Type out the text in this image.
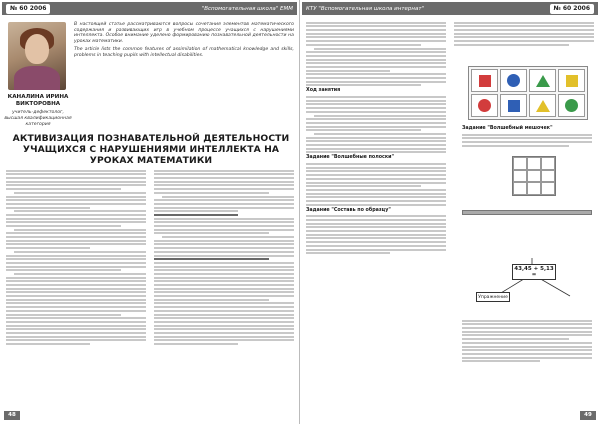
№ 60 2006	"Вспомогательная школа" ЕММ
КАНАЛИНА ИРИНА ВИКТОРОВНА
учитель-дефектолог, высшая квалификационная категория

В настоящей статье рассматриваются вопросы сочетания элементов математического содержания и развивающих игр в учебном процессе учащихся с нарушениями интеллекта. Особое внимание уделено формированию познавательной деятельности на уроках математики.

The article lists the common features of assimilation of mathematical knowledge and skills, problems in teaching pupils with intellectual disabilities.

АКТИВИЗАЦИЯ ПОЗНАВАТЕЛЬНОЙ ДЕЯТЕЛЬНОСТИ УЧАЩИХСЯ С НАРУШЕНИЯМИ ИНТЕЛЛЕКТА НА УРОКАХ МАТЕМАТИКИ
48
КТУ "Вспомогательная школа интернат"	№ 60 2006
Ход занятия
Задание "Волшебные полоски"
Задание "Составь по образцу"
Задание "Волшебный мешочек"
43,45 + 5,13 =
Упражнение
49
